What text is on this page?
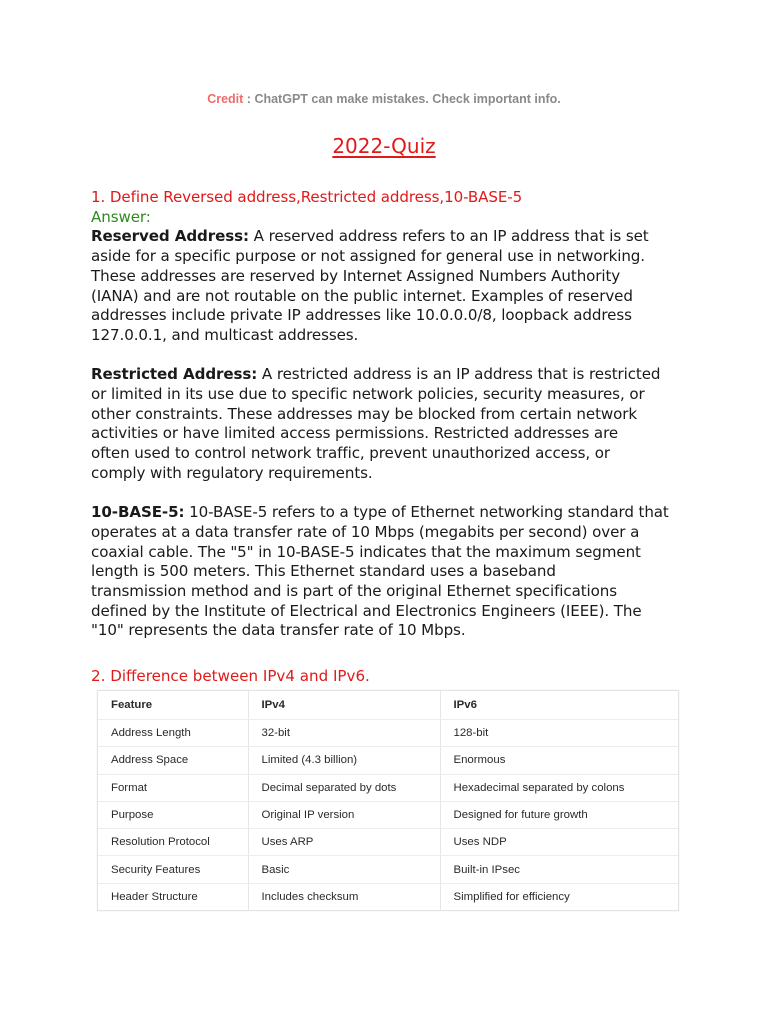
Credit : ChatGPT can make mistakes. Check important info.
2022-Quiz

1. Define Reversed address,Restricted address,10-BASE-5

Answer:

Reserved Address: A reserved address refers to an IP address that is set

aside for a specific purpose or not assigned for general use in networking.

These addresses are reserved by Internet Assigned Numbers Authority

(IANA) and are not routable on the public internet. Examples of reserved

addresses include private IP addresses like 10.0.0.0/8, loopback address

127.0.0.1, and multicast addresses.

Restricted Address: A restricted address is an IP address that is restricted

or limited in its use due to specific network policies, security measures, or

other constraints. These addresses may be blocked from certain network

activities or have limited access permissions. Restricted addresses are

often used to control network traffic, prevent unauthorized access, or

comply with regulatory requirements.

10-BASE-5: 10-BASE-5 refers to a type of Ethernet networking standard that

operates at a data transfer rate of 10 Mbps (megabits per second) over a

coaxial cable. The "5" in 10-BASE-5 indicates that the maximum segment

length is 500 meters. This Ethernet standard uses a baseband

transmission method and is part of the original Ethernet specifications

defined by the Institute of Electrical and Electronics Engineers (IEEE). The

"10" represents the data transfer rate of 10 Mbps.

2. Difference between IPv4 and IPv6.

Feature	IPv4	IPv6
Address Length	32-bit	128-bit
Address Space	Limited (4.3 billion)	Enormous
Format	Decimal separated by dots	Hexadecimal separated by colons
Purpose	Original IP version	Designed for future growth
Resolution Protocol	Uses ARP	Uses NDP
Security Features	Basic	Built-in IPsec
Header Structure	Includes checksum	Simplified for efficiency
